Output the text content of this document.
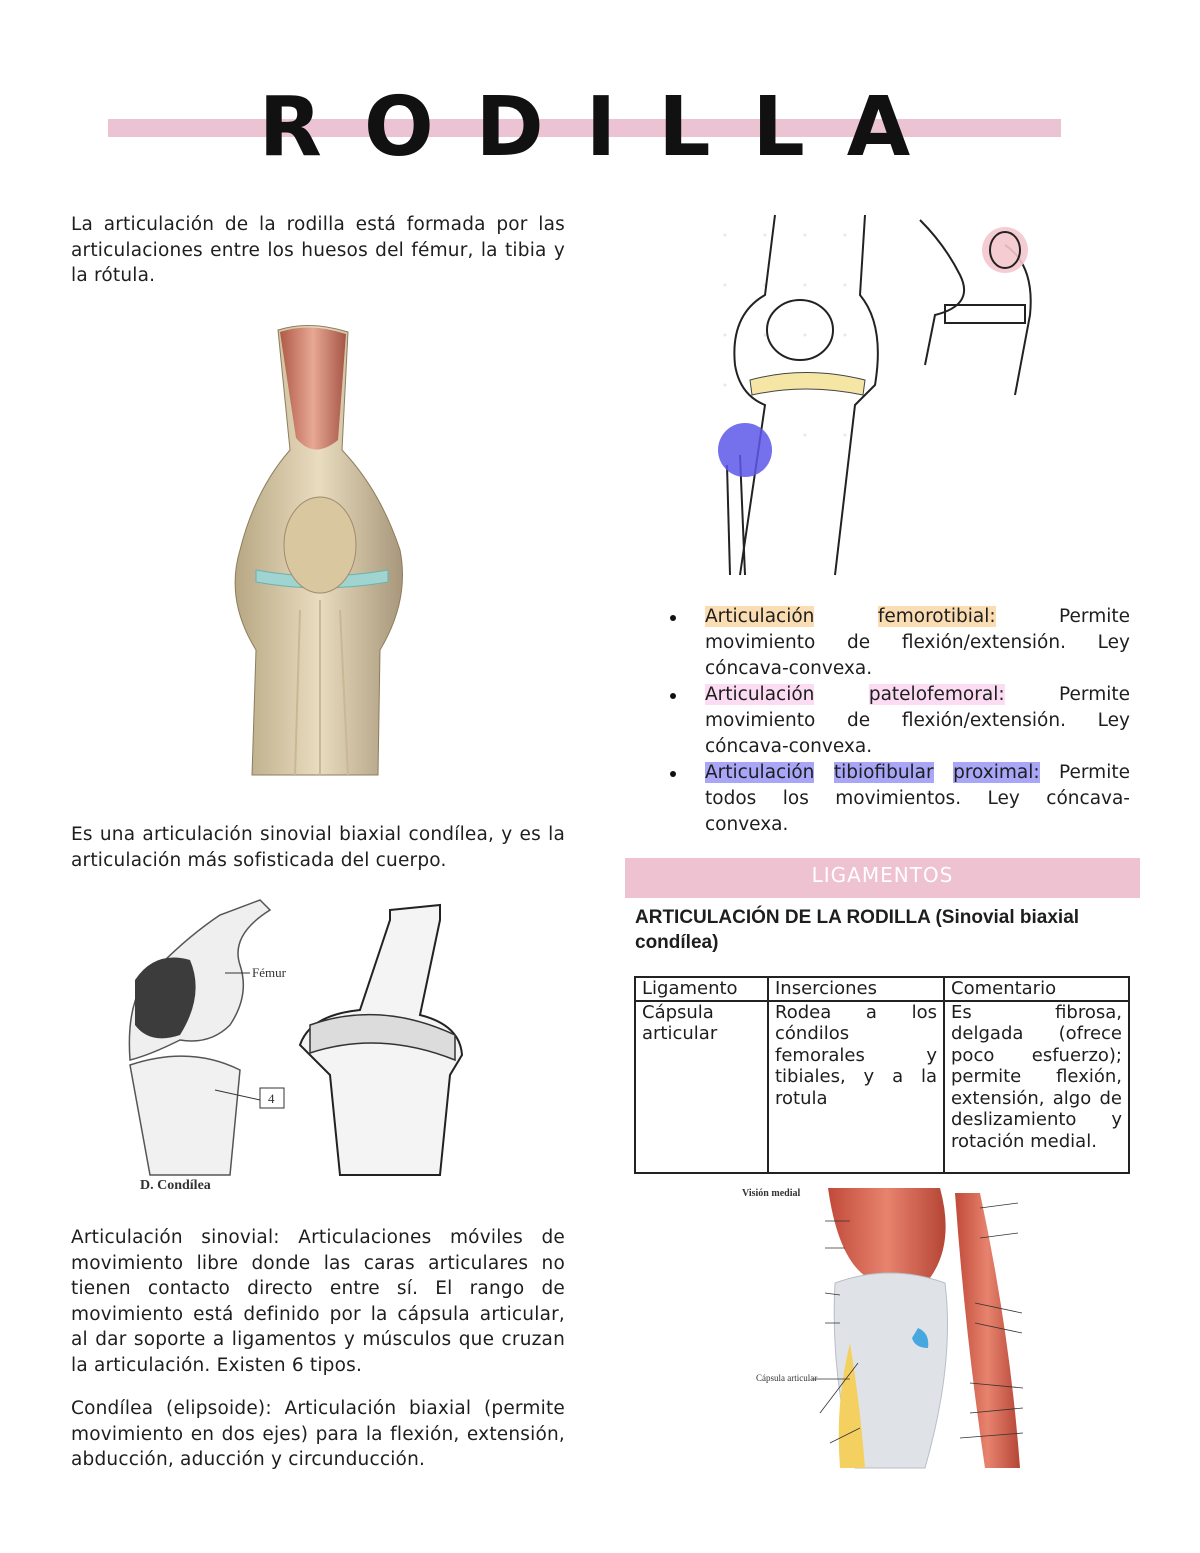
RODILLA

La articulación de la rodilla está formada por las articulaciones entre los huesos del fémur, la tibia y la rótula.

Es una articulación sinovial biaxial condílea, y es la articulación más sofisticada del cuerpo.

Fémur
4
D. Condílea

Articulación sinovial: Articulaciones móviles de movimiento libre donde las caras articulares no tienen contacto directo entre sí. El rango de movimiento está definido por la cápsula articular, al dar soporte a ligamentos y músculos que cruzan la articulación. Existen 6 tipos.

Condílea (elipsoide): Articulación biaxial (permite movimiento en dos ejes) para la flexión, extensión, abducción, aducción y circunducción.

Articulación	femorotibial: Permite movimiento de flexión/extensión. Ley cóncava-convexa.
Articulación	patelofemoral: Permite movimiento de flexión/extensión. Ley cóncava-convexa.
Articulación tibiofibular proximal: Permite todos los movimientos. Ley cóncava-convexa.
LIGAMENTOS
ARTICULACIÓN DE LA RODILLA (Sinovial biaxial condílea)
Ligamento	Inserciones	Comentario
Cápsula articular	Rodea a los cóndilos femorales y tibiales, y a la rotula	Es fibrosa, delgada (ofrece poco esfuerzo); permite flexión, extensión, algo de deslizamiento y rotación medial.
Visión medial
Cápsula articular
